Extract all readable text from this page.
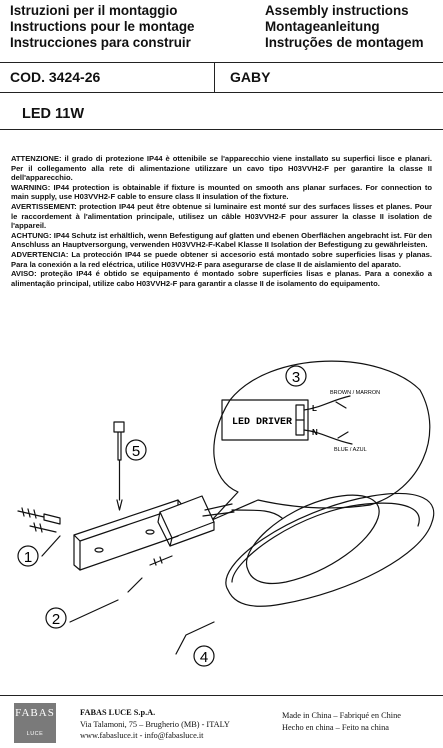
Istruzioni per il montaggio
Instructions pour le montage
Instrucciones para construir
Assembly instructions
Montageanleitung
Instruções de montagem
COD. 3424-26	GABY
LED 11W

ATTENZIONE: il grado di protezione IP44 è ottenibile se l'apparecchio viene installato su superfici lisce e planari. Per il collegamento alla rete di alimentazione utilizzare un cavo tipo H03VVH2-F per garantire la classe II dell'apparecchio.

WARNING: IP44 protection is obtainable if fixture is mounted on smooth ans planar surfaces. For connection to main supply, use H03VVH2-F cable to ensure class II insulation of the fixture.

AVERTISSEMENT: protection IP44 peut être obtenue si luminaire est monté sur des surfaces lisses et planes. Pour le raccordement à l'alimentation principale, utilisez un câble H03VVH2-F pour assurer la classe II isolation de l'appareil.

ACHTUNG: IP44 Schutz ist erhältlich, wenn Befestigung auf glatten und ebenen Oberflächen angebracht ist. Für den Anschluss an Hauptversorgung, verwenden H03VVH2-F-Kabel Klasse II Isolation der Befestigung zu gewährleisten.

ADVERTENCIA: La protección IP44 se puede obtener si accesorio está montado sobre superficies lisas y planas. Para la conexión a la red eléctrica, utilice H03VVH2-F para asegurarse de clase II de aislamiento del aparato.

AVISO: proteção IP44 é obtido se equipamento é montado sobre superfícies lisas e planas. Para a conexão a alimentação principal, utilize cabo H03VVH2-F para garantir a classe II de isolamento do equipamento.

1
2
3
4
5
LED DRIVER
L
N
BROWN / MARRON
BLUE / AZUL
FABAS
LUCE
FABAS LUCE S.p.A.
Via Talamoni, 75 – Brugherio (MB) - ITALY
www.fabasluce.it - info@fabasluce.it
Made in China – Fabriqué en Chine
Hecho en china – Feito na china
